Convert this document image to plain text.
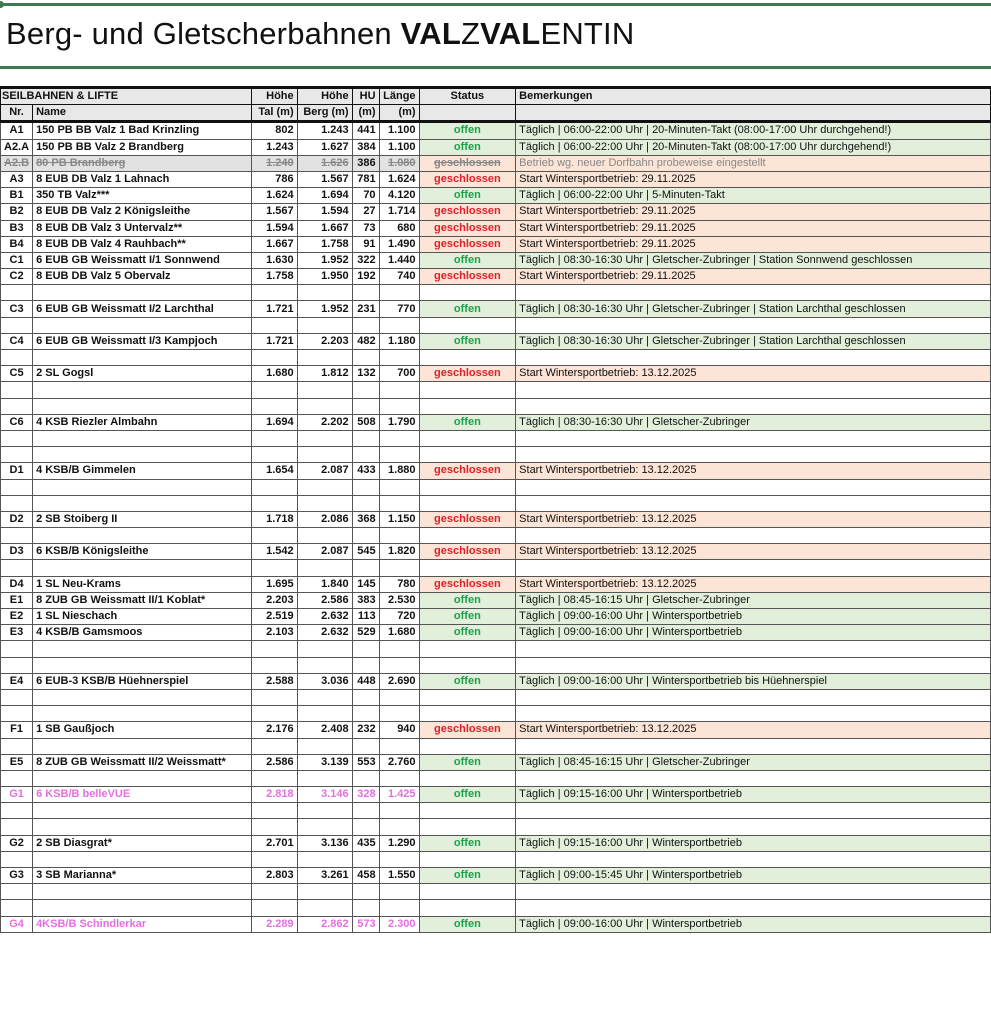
Berg- und Gletscherbahnen VALZVALENTIN
SEILBAHNEN & LIFTE		Höhe	Höhe	HU	Länge	Status	Bemerkungen
Nr.	Name	Tal (m)	Berg (m)	(m)	(m)		
A1	150 PB BB Valz 1 Bad Krinzling	802	1.243	441	1.100	offen	Täglich | 06:00-22:00 Uhr | 20-Minuten-Takt (08:00-17:00 Uhr durchgehend!)
A2.A	150 PB BB Valz 2 Brandberg	1.243	1.627	384	1.100	offen	Täglich | 06:00-22:00 Uhr | 20-Minuten-Takt (08:00-17:00 Uhr durchgehend!)
A2.B	80 PB Brandberg	1.240	1.626	386	1.080	geschlossen	Betrieb wg. neuer Dorfbahn probeweise eingestellt
A3	8 EUB DB Valz 1 Lahnach	786	1.567	781	1.624	geschlossen	Start Wintersportbetrieb: 29.11.2025
B1	350 TB Valz***	1.624	1.694	70	4.120	offen	Täglich | 06:00-22:00 Uhr | 5-Minuten-Takt
B2	8 EUB DB Valz 2 Königsleithe	1.567	1.594	27	1.714	geschlossen	Start Wintersportbetrieb: 29.11.2025
B3	8 EUB DB Valz 3 Untervalz**	1.594	1.667	73	680	geschlossen	Start Wintersportbetrieb: 29.11.2025
B4	8 EUB DB Valz 4 Rauhbach**	1.667	1.758	91	1.490	geschlossen	Start Wintersportbetrieb: 29.11.2025
C1	6 EUB GB Weissmatt I/1 Sonnwend	1.630	1.952	322	1.440	offen	Täglich | 08:30-16:30 Uhr | Gletscher-Zubringer | Station Sonnwend geschlossen
C2	8 EUB DB Valz 5 Obervalz	1.758	1.950	192	740	geschlossen	Start Wintersportbetrieb: 29.11.2025

C3	6 EUB GB Weissmatt I/2 Larchthal	1.721	1.952	231	770	offen	Täglich | 08:30-16:30 Uhr | Gletscher-Zubringer | Station Larchthal geschlossen

C4	6 EUB GB Weissmatt I/3 Kampjoch	1.721	2.203	482	1.180	offen	Täglich | 08:30-16:30 Uhr | Gletscher-Zubringer | Station Larchthal geschlossen

C5	2 SL Gogsl	1.680	1.812	132	700	geschlossen	Start Wintersportbetrieb: 13.12.2025

C6	4 KSB Riezler Almbahn	1.694	2.202	508	1.790	offen	Täglich | 08:30-16:30 Uhr | Gletscher-Zubringer

D1	4 KSB/B Gimmelen	1.654	2.087	433	1.880	geschlossen	Start Wintersportbetrieb: 13.12.2025

D2	2 SB Stoiberg II	1.718	2.086	368	1.150	geschlossen	Start Wintersportbetrieb: 13.12.2025

D3	6 KSB/B Königsleithe	1.542	2.087	545	1.820	geschlossen	Start Wintersportbetrieb: 13.12.2025

D4	1 SL Neu-Krams	1.695	1.840	145	780	geschlossen	Start Wintersportbetrieb: 13.12.2025
E1	8 ZUB GB Weissmatt II/1 Koblat*	2.203	2.586	383	2.530	offen	Täglich | 08:45-16:15 Uhr | Gletscher-Zubringer
E2	1 SL Nieschach	2.519	2.632	113	720	offen	Täglich | 09:00-16:00 Uhr | Wintersportbetrieb
E3	4 KSB/B Gamsmoos	2.103	2.632	529	1.680	offen	Täglich | 09:00-16:00 Uhr | Wintersportbetrieb

E4	6 EUB-3 KSB/B Hüehnerspiel	2.588	3.036	448	2.690	offen	Täglich | 09:00-16:00 Uhr | Wintersportbetrieb bis Hüehnerspiel

F1	1 SB Gaußjoch	2.176	2.408	232	940	geschlossen	Start Wintersportbetrieb: 13.12.2025

E5	8 ZUB GB Weissmatt II/2 Weissmatt*	2.586	3.139	553	2.760	offen	Täglich | 08:45-16:15 Uhr | Gletscher-Zubringer

G1	6 KSB/B belleVUE	2.818	3.146	328	1.425	offen	Täglich | 09:15-16:00 Uhr | Wintersportbetrieb

G2	2 SB Diasgrat*	2.701	3.136	435	1.290	offen	Täglich | 09:15-16:00 Uhr | Wintersportbetrieb

G3	3 SB Marianna*	2.803	3.261	458	1.550	offen	Täglich | 09:00-15:45 Uhr | Wintersportbetrieb

G4	4KSB/B Schindlerkar	2.289	2.862	573	2.300	offen	Täglich | 09:00-16:00 Uhr | Wintersportbetrieb
